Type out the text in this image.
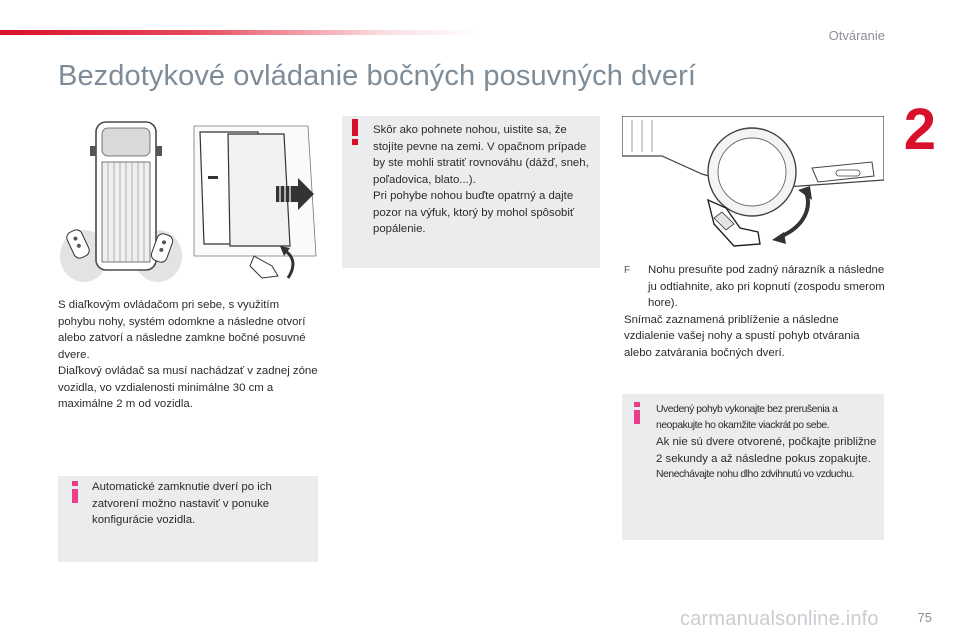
Otváranie
2
Bezdotykové ovládanie bočných posuvných dverí

S diaľkovým ovládačom pri sebe, s využitím pohybu nohy, systém odomkne a následne otvorí alebo zatvorí a následne zamkne bočné posuvné dvere.

Diaľkový ovládač sa musí nachádzať v zadnej zóne vozidla, vo vzdialenosti minimálne 30 cm a maximálne 2 m od vozidla.

Skôr ako pohnete nohou, uistite sa, že stojíte pevne na zemi. V opačnom prípade by ste mohli stratiť rovnováhu (dážď, sneh, poľadovica, blato...).

Pri pohybe nohou buďte opatrný a dajte pozor na výfuk, ktorý by mohol spôsobiť popálenie.

F	Nohu presuňte pod zadný nárazník a následne ju odtiahnite, ako pri kopnutí (zospodu smerom hore).

Snímač zaznamená priblíženie a následne vzdialenie vašej nohy a spustí pohyb otvárania alebo zatvárania bočných dverí.

Automatické zamknutie dverí po ich zatvorení možno nastaviť v ponuke konfigurácie vozidla.

Uvedený pohyb vykonajte bez prerušenia a neopakujte ho okamžite viackrát po sebe.

Ak nie sú dvere otvorené, počkajte približne 2 sekundy a až následne pokus zopakujte.

Nenechávajte nohu dlho zdvihnutú vo vzduchu.

carmanualsonline.info	75
